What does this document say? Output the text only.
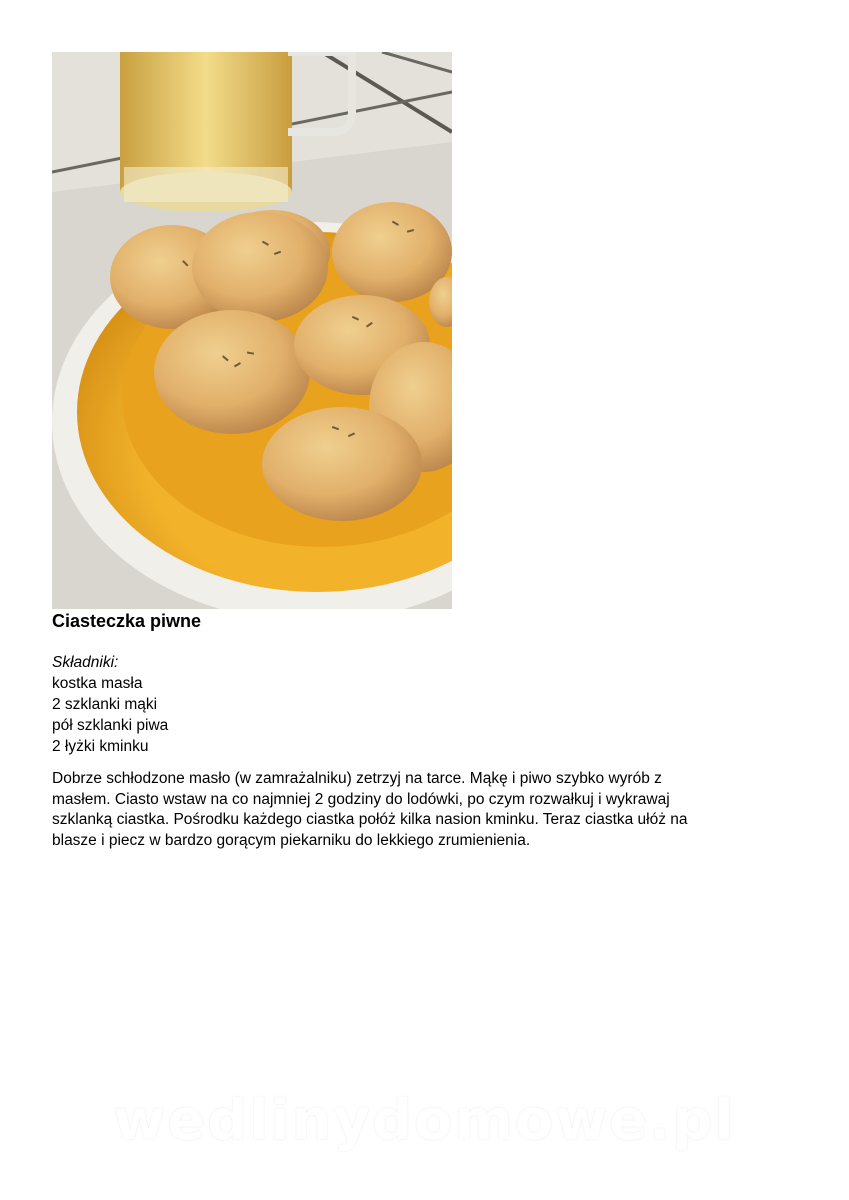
Ciasteczka piwne
Składniki:
kostka masła
2 szklanki mąki
pół szklanki piwa
2 łyżki kminku
Dobrze schłodzone masło (w zamrażalniku) zetrzyj na tarce. Mąkę i piwo szybko wyrób z
masłem. Ciasto wstaw na co najmniej 2 godziny do lodówki, po czym rozwałkuj i wykrawaj
szklanką ciastka. Pośrodku każdego ciastka połóż kilka nasion kminku. Teraz ciastka ułóż na
blasze i piecz w bardzo gorącym piekarniku do lekkiego zrumienienia.
wedlinydomowe.pl
